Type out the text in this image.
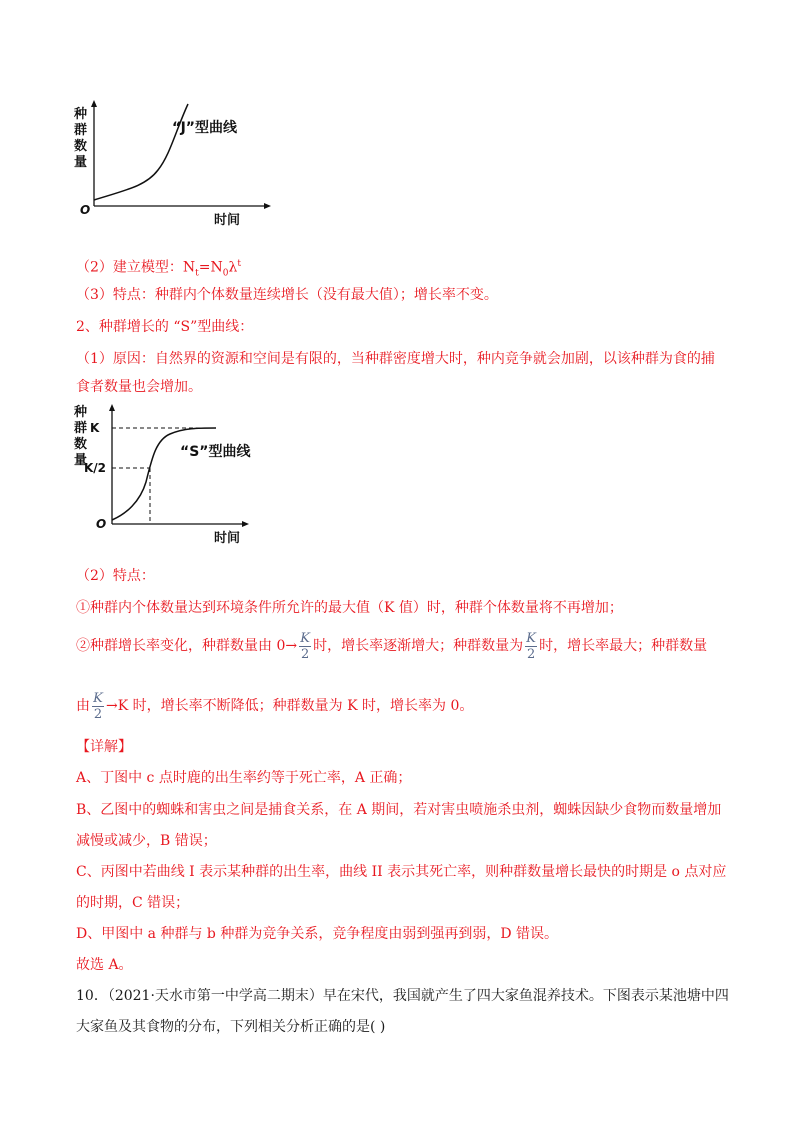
种
群
数
量
O
“J”型曲线
时间
（2）建立模型：$N_t=N_0\lambda^t$
（3）特点：种群内个体数量连续增长（没有最大值）；增长率不变。
2、种群增长的 “S”型曲线：
（1）原因：自然界的资源和空间是有限的，当种群密度增大时，种内竞争就会加剧，以该种群为食的捕
食者数量也会增加。
种
群
数
量
K
K/2
O
“S”型曲线
时间
（2）特点：
①种群内个体数量达到环境条件所允许的最大值（K 值）时，种群个体数量将不再增加；
②种群增长率变化，种群数量由 $0\to \frac{K}{2}$ 时，增长率逐渐增大；种群数量为 $\frac{K}{2}$ 时，增长率最大；种群数量
由 $\frac{K}{2} \to K$ 时，增长率不断降低；种群数量为 K 时，增长率为 0。
【详解】
A、丁图中 c 点时鹿的出生率约等于死亡率，A 正确；
B、乙图中的蜘蛛和害虫之间是捕食关系，在 A 期间，若对害虫喷施杀虫剂，蜘蛛因缺少食物而数量增加
减慢或减少，B 错误；
C、丙图中若曲线 I 表示某种群的出生率，曲线 II 表示其死亡率，则种群数量增长最快的时期是 o 点对应
的时期，C 错误；
D、甲图中 a 种群与 b 种群为竞争关系，竞争程度由弱到强再到弱，D 错误。
故选 A。
10．（2021·天水市第一中学高二期末）早在宋代，我国就产生了四大家鱼混养技术。下图表示某池塘中四
大家鱼及其食物的分布，下列相关分析正确的是( )
